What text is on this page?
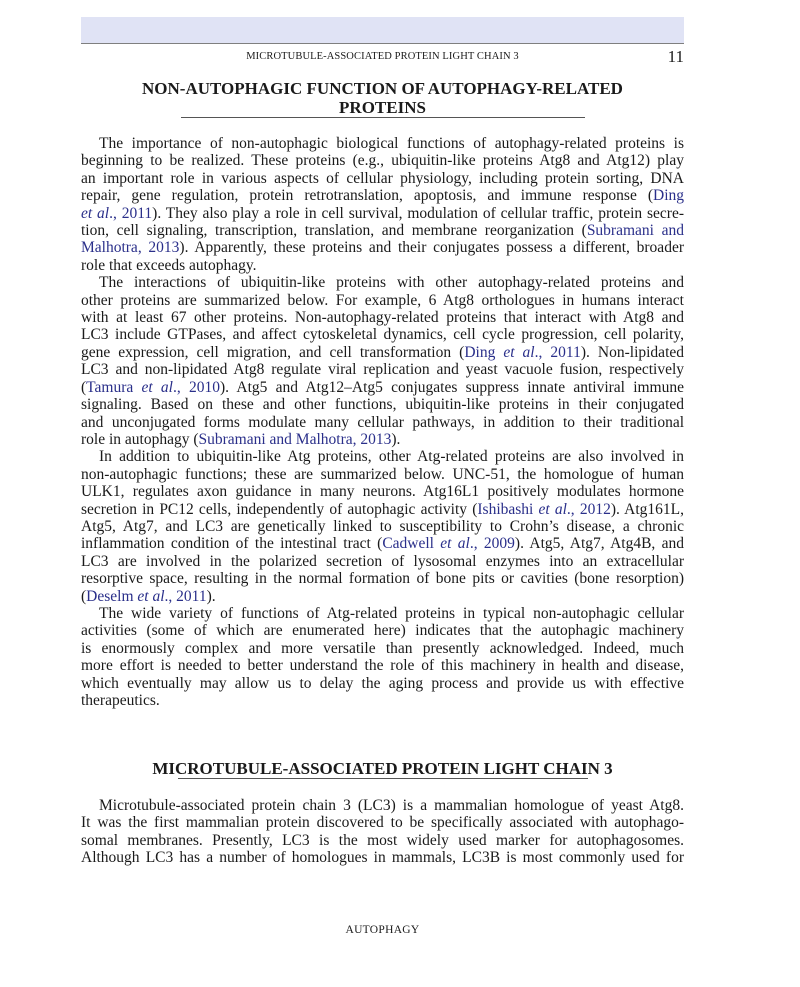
MICROTUBULE-ASSOCIATED PROTEIN LIGHT CHAIN 3	11
NON-AUTOPHAGIC FUNCTION OF AUTOPHAGY-RELATED
PROTEINS
The importance of non-autophagic biological functions of autophagy-related proteins is
beginning to be realized. These proteins (e.g., ubiquitin-like proteins Atg8 and Atg12) play
an important role in various aspects of cellular physiology, including protein sorting, DNA
repair, gene regulation, protein retrotranslation, apoptosis, and immune response (Ding
et al., 2011). They also play a role in cell survival, modulation of cellular traffic, protein secre-
tion, cell signaling, transcription, translation, and membrane reorganization (Subramani and
Malhotra, 2013). Apparently, these proteins and their conjugates possess a different, broader
role that exceeds autophagy.
The interactions of ubiquitin-like proteins with other autophagy-related proteins and
other proteins are summarized below. For example, 6 Atg8 orthologues in humans interact
with at least 67 other proteins. Non-autophagy-related proteins that interact with Atg8 and
LC3 include GTPases, and affect cytoskeletal dynamics, cell cycle progression, cell polarity,
gene expression, cell migration, and cell transformation (Ding et al., 2011). Non-lipidated
LC3 and non-lipidated Atg8 regulate viral replication and yeast vacuole fusion, respectively
(Tamura et al., 2010). Atg5 and Atg12–Atg5 conjugates suppress innate antiviral immune
signaling. Based on these and other functions, ubiquitin-like proteins in their conjugated
and unconjugated forms modulate many cellular pathways, in addition to their traditional
role in autophagy (Subramani and Malhotra, 2013).
In addition to ubiquitin-like Atg proteins, other Atg-related proteins are also involved in
non-autophagic functions; these are summarized below. UNC-51, the homologue of human
ULK1, regulates axon guidance in many neurons. Atg16L1 positively modulates hormone
secretion in PC12 cells, independently of autophagic activity (Ishibashi et al., 2012). Atg161L,
Atg5, Atg7, and LC3 are genetically linked to susceptibility to Crohn’s disease, a chronic
inflammation condition of the intestinal tract (Cadwell et al., 2009). Atg5, Atg7, Atg4B, and
LC3 are involved in the polarized secretion of lysosomal enzymes into an extracellular
resorptive space, resulting in the normal formation of bone pits or cavities (bone resorption)
(Deselm et al., 2011).
The wide variety of functions of Atg-related proteins in typical non-autophagic cellular
activities (some of which are enumerated here) indicates that the autophagic machinery
is enormously complex and more versatile than presently acknowledged. Indeed, much
more effort is needed to better understand the role of this machinery in health and disease,
which eventually may allow us to delay the aging process and provide us with effective
therapeutics.
MICROTUBULE-ASSOCIATED PROTEIN LIGHT CHAIN 3
Microtubule-associated protein chain 3 (LC3) is a mammalian homologue of yeast Atg8.
It was the first mammalian protein discovered to be specifically associated with autophago-
somal membranes. Presently, LC3 is the most widely used marker for autophagosomes.
Although LC3 has a number of homologues in mammals, LC3B is most commonly used for
AUTOPHAGY
